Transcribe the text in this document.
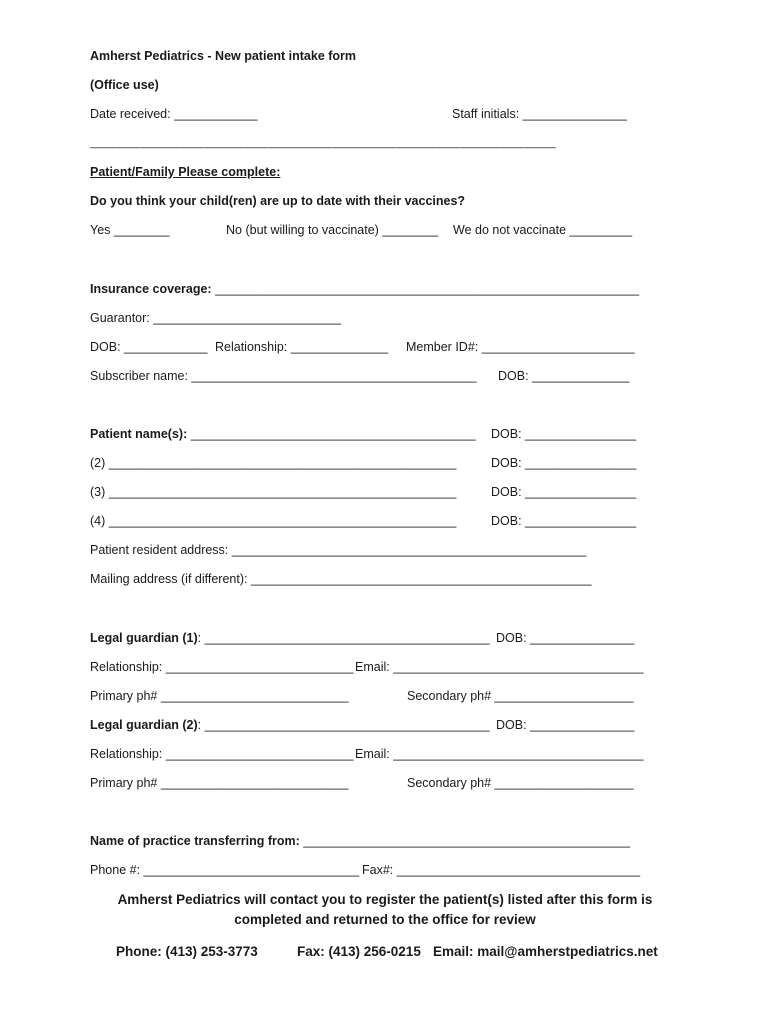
Amherst Pediatrics - New patient intake form
(Office use)
Date received: ____________	Staff initials: _______________
________________________________________________________________________________
Patient/Family Please complete:
Do you think your child(ren) are up to date with their vaccines?
Yes ________	No (but willing to vaccinate) ________ We do not vaccinate _________
Insurance coverage: _____________________________________________________________
Guarantor: ___________________________
DOB: ____________ Relationship: ______________ Member ID#: ______________________
Subscriber name: _________________________________________ DOB: ______________
Patient name(s): _________________________________________ DOB: ________________
(2) __________________________________________________	DOB: ________________
(3) __________________________________________________	DOB: ________________
(4) __________________________________________________	DOB: ________________
Patient resident address: ___________________________________________________
Mailing address (if different): _________________________________________________
Legal guardian (1): _________________________________________ DOB: _______________
Relationship: ___________________________ Email: ____________________________________
Primary ph# ___________________________	Secondary ph# ____________________
Legal guardian (2): _________________________________________ DOB: _______________
Relationship: ___________________________ Email: ____________________________________
Primary ph# ___________________________	Secondary ph# ____________________
Name of practice transferring from: _______________________________________________
Phone #: _______________________________ Fax#: ___________________________________
Amherst Pediatrics will contact you to register the patient(s) listed after this form is
completed and returned to the office for review
Phone: (413) 253-3773	Fax: (413) 256-0215 Email: mail@amherstpediatrics.net
